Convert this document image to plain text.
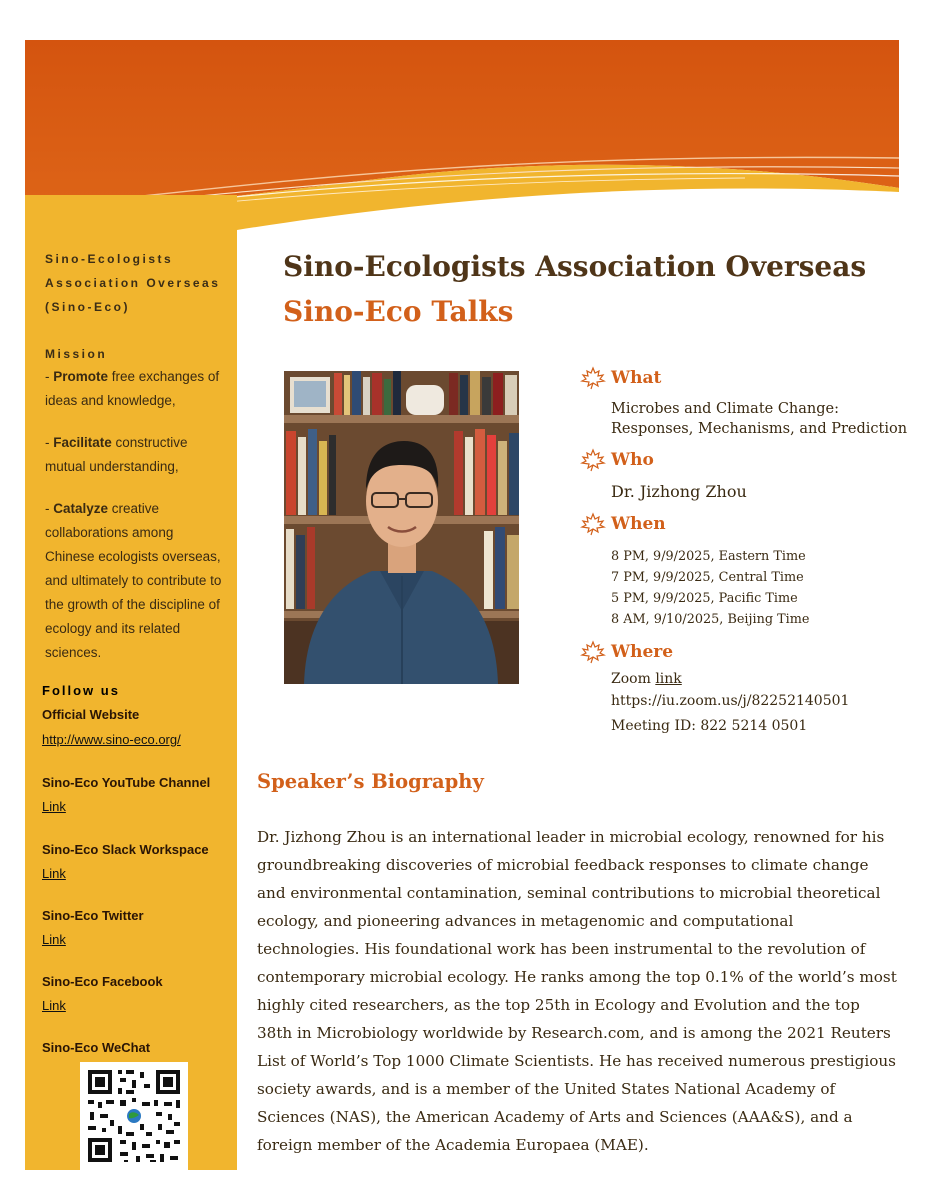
Sino-Ecologists
Association Overseas
(Sino-Eco)
Mission
- Promote free exchanges of ideas and knowledge,
- Facilitate constructive mutual understanding,
- Catalyze creative collaborations among Chinese ecologists overseas, and ultimately to contribute to the growth of the discipline of ecology and its related sciences.
Follow us
Official Website
http://www.sino-eco.org/
Sino-Eco YouTube Channel
Link
Sino-Eco Slack Workspace
Link
Sino-Eco Twitter
Link
Sino-Eco Facebook
Link
Sino-Eco WeChat
Sino-Ecologists Association Overseas
Sino-Eco Talks
What
Microbes and Climate Change:
Responses, Mechanisms, and Prediction
Who
Dr. Jizhong Zhou
When
8 PM, 9/9/2025, Eastern Time
7 PM, 9/9/2025, Central Time
5 PM, 9/9/2025, Pacific Time
8 AM, 9/10/2025, Beijing Time
Where
Zoom link
https://iu.zoom.us/j/82252140501
Meeting ID: 822 5214 0501
Speaker’s Biography
Dr. Jizhong Zhou is an international leader in microbial ecology, renowned for his groundbreaking discoveries of microbial feedback responses to climate change and environmental contamination, seminal contributions to microbial theoretical ecology, and pioneering advances in metagenomic and computational technologies. His foundational work has been instrumental to the revolution of contemporary microbial ecology. He ranks among the top 0.1% of the world’s most highly cited researchers, as the top 25th in Ecology and Evolution and the top 38th in Microbiology worldwide by Research.com, and is among the 2021 Reuters List of World’s Top 1000 Climate Scientists. He has received numerous prestigious society awards, and is a member of the United States National Academy of Sciences (NAS), the American Academy of Arts and Sciences (AAA&S), and a foreign member of the Academia Europaea (MAE).
